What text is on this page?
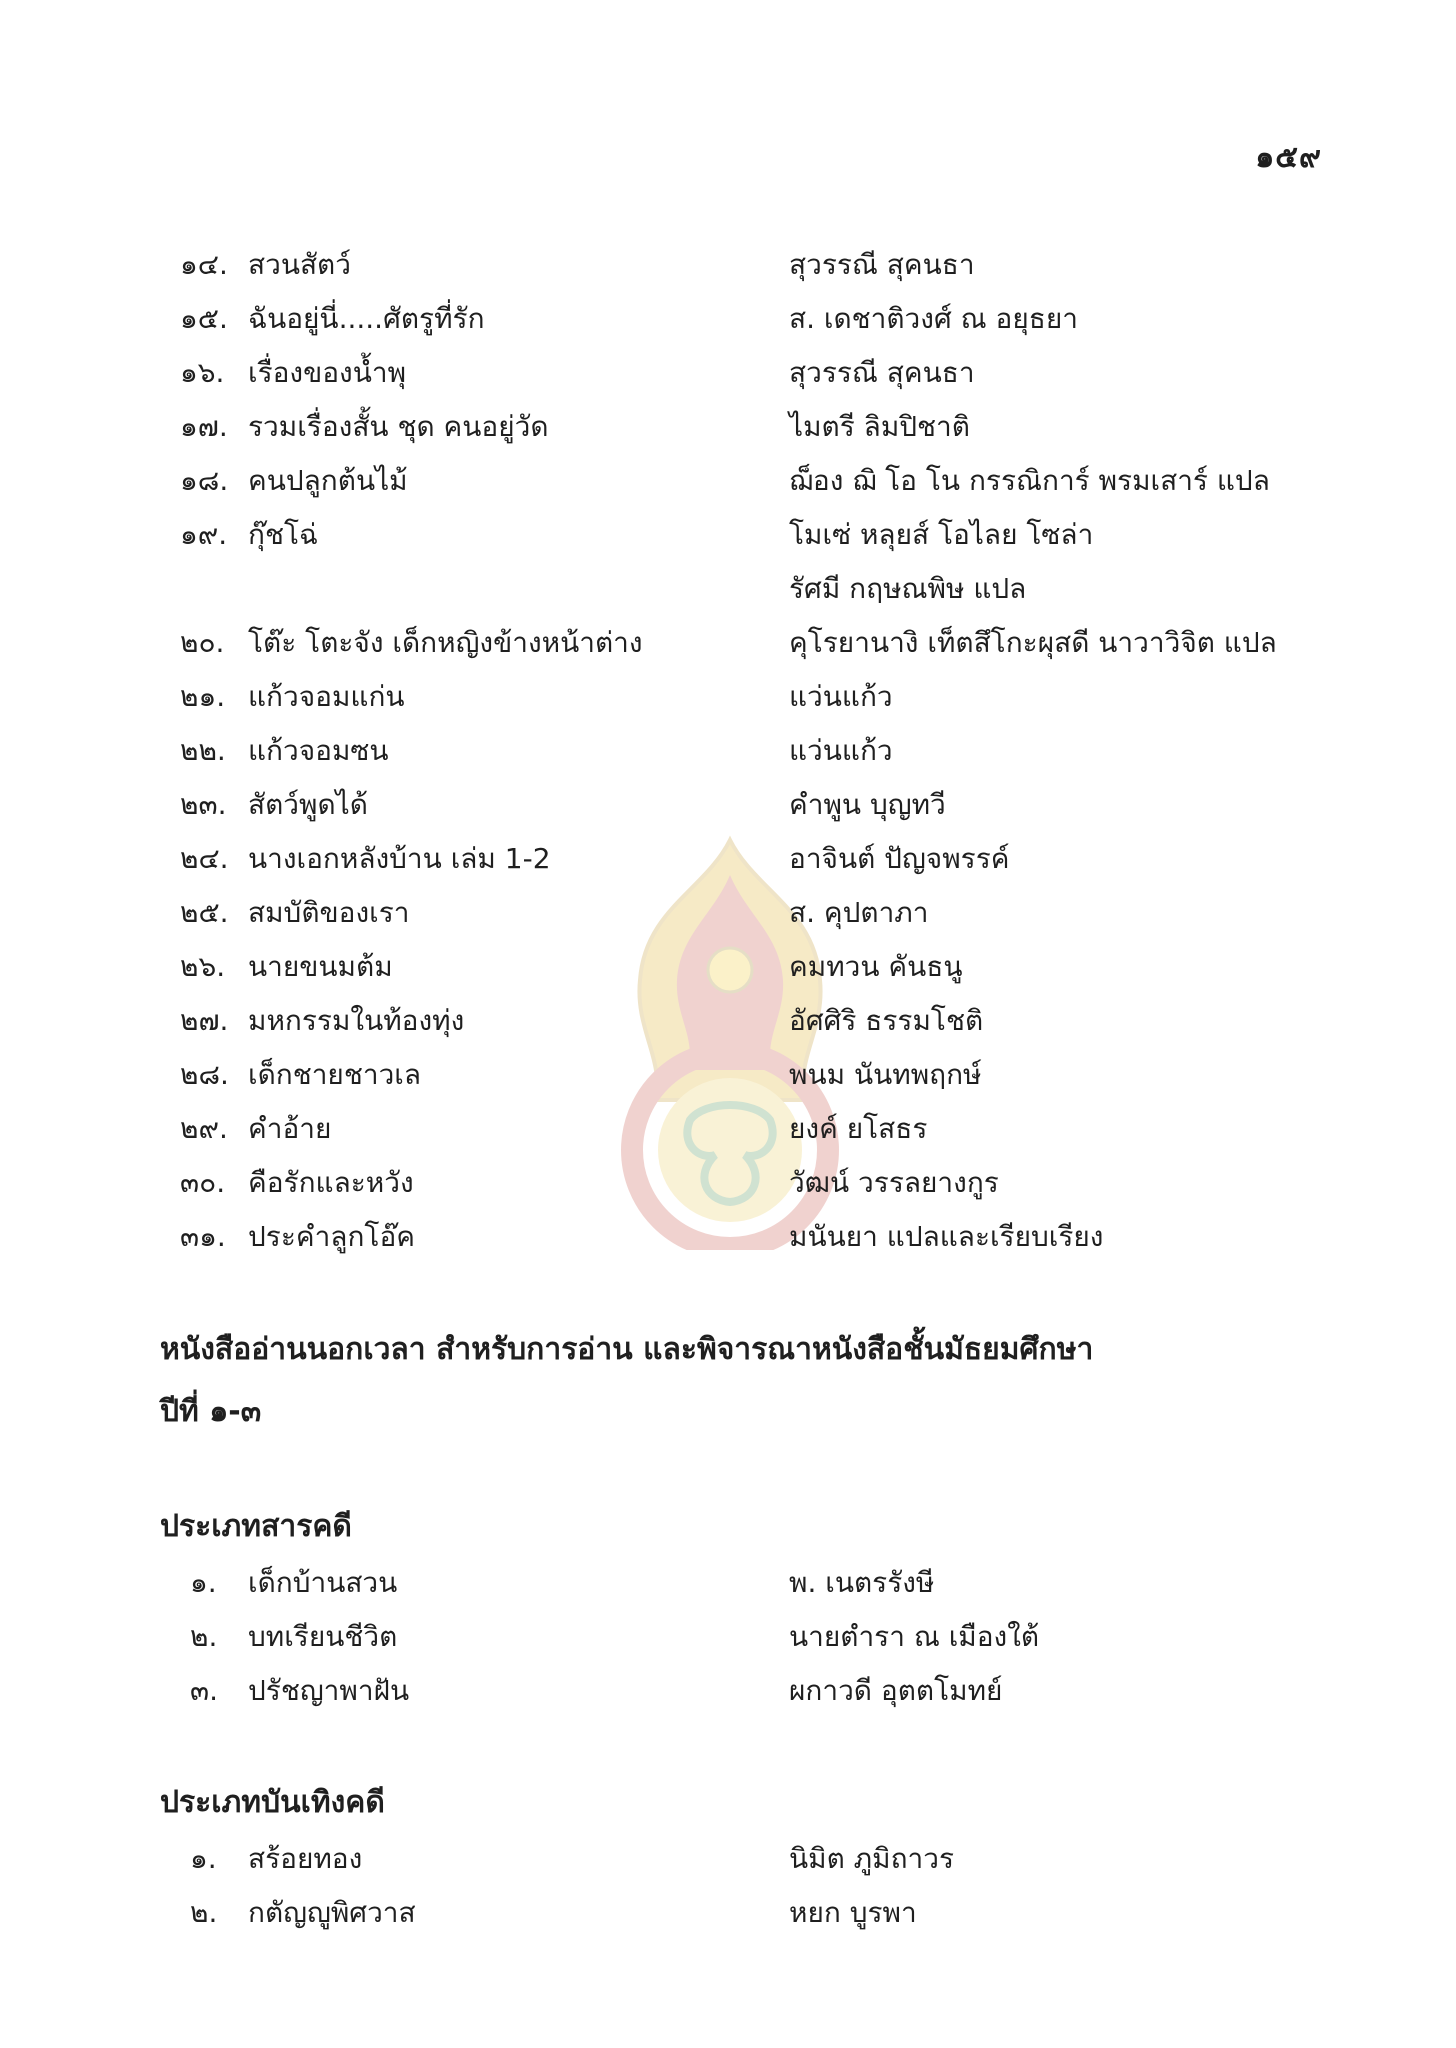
๑๕๙
๑๔. สวนสัตว์	สุวรรณี สุคนธา
๑๕. ฉันอยู่นี่.....ศัตรูที่รัก	ส. เดชาติวงศ์ ณ อยุธยา
๑๖. เรื่องของน้ำพุ	สุวรรณี สุคนธา
๑๗. รวมเรื่องสั้น ชุด คนอยู่วัด	ไมตรี ลิมปิชาติ
๑๘. คนปลูกต้นไม้	ฌ็อง ฌิ โอ โน กรรณิการ์ พรมเสาร์ แปล
๑๙. กุ๊ชโฉ่	โมเซ่ หลุยส์ โอไลย โซล่า
รัศมี กฤษณพิษ แปล
๒๐. โต๊ะ โตะจัง เด็กหญิงข้างหน้าต่าง	คุโรยานางิ เท็ตสึโกะผุสดี นาวาวิจิต แปล
๒๑. แก้วจอมแก่น	แว่นแก้ว
๒๒. แก้วจอมซน	แว่นแก้ว
๒๓. สัตว์พูดได้	คำพูน บุญทวี
๒๔. นางเอกหลังบ้าน เล่ม 1-2	อาจินต์ ปัญจพรรค์
๒๕. สมบัติของเรา	ส. คุปตาภา
๒๖. นายขนมต้ม	คมทวน คันธนู
๒๗. มหกรรมในท้องทุ่ง	อัศศิริ ธรรมโชติ
๒๘. เด็กชายชาวเล	พนม นันทพฤกษ์
๒๙. คำอ้าย	ยงค์ ยโสธร
๓๐. คือรักและหวัง	วัฒน์ วรรลยางกูร
๓๑. ประคำลูกโอ๊ค	มนันยา แปลและเรียบเรียง
หนังสืออ่านนอกเวลา สำหรับการอ่าน และพิจารณาหนังสือชั้นมัธยมศึกษา
ปีที่ ๑-๓
ประเภทสารคดี
๑.	เด็กบ้านสวน	พ. เนตรรังษี
๒.	บทเรียนชีวิต	นายตำรา ณ เมืองใต้
๓.	ปรัชญาพาฝัน	ผกาวดี อุตตโมทย์
ประเภทบันเทิงคดี
๑.	สร้อยทอง	นิมิต ภูมิถาวร
๒.	กตัญญูพิศวาส	หยก บูรพา
